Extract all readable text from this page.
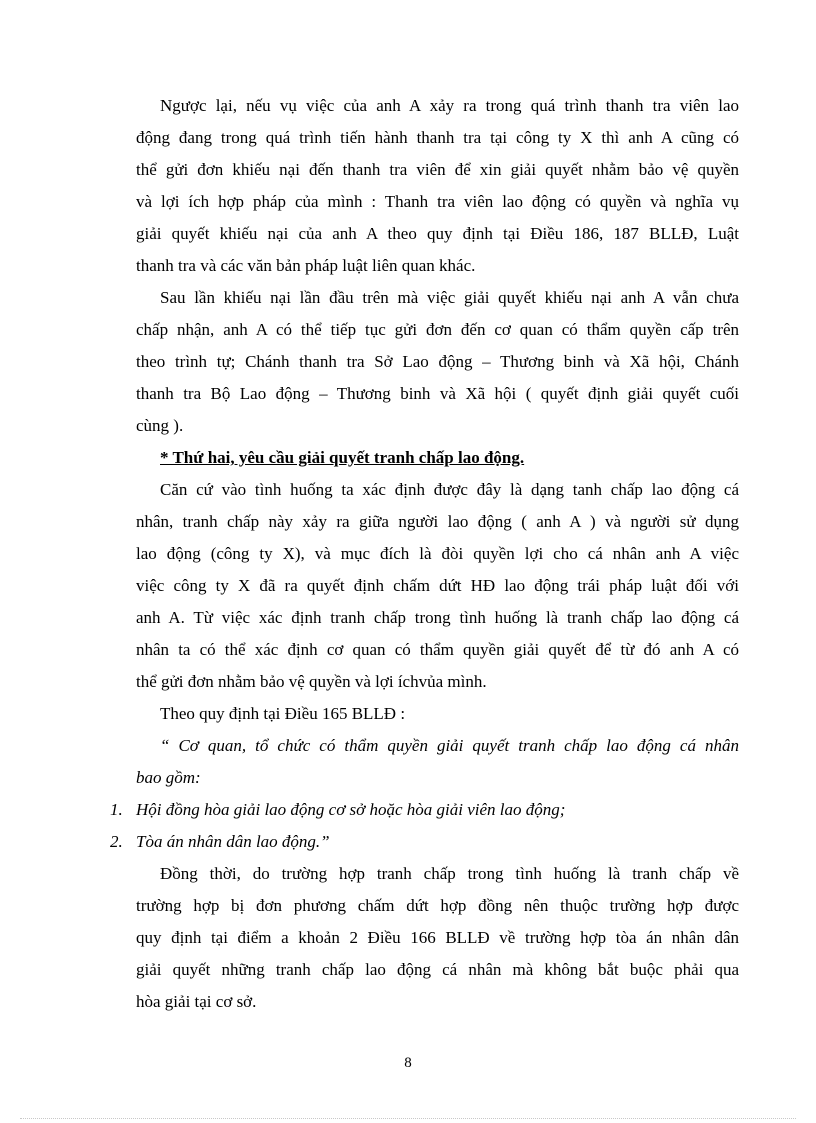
Ngược lại, nếu vụ việc của anh A xảy ra trong quá trình thanh tra viên lao
động đang trong quá trình tiến hành thanh tra tại công ty X thì anh A cũng có
thể gửi đơn khiếu nại đến thanh tra viên để xin giải quyết nhằm bảo vệ quyền
và lợi ích hợp pháp của mình : Thanh tra viên lao động có quyền và nghĩa vụ
giải quyết khiếu nại của anh A theo quy định tại Điều 186, 187 BLLĐ, Luật
thanh tra và các văn bản pháp luật liên quan khác.
Sau lần khiếu nại lần đầu trên mà việc giải quyết khiếu nại anh A vẫn chưa
chấp nhận, anh A có thể tiếp tục gửi đơn đến cơ quan có thẩm quyền cấp trên
theo trình tự; Chánh thanh tra Sở Lao động – Thương binh và Xã hội, Chánh
thanh tra Bộ Lao động – Thương binh và Xã hội ( quyết định giải quyết cuối
cùng ).
* Thứ hai, yêu cầu giải quyết tranh chấp lao động.
Căn cứ vào tình huống ta xác định được đây là dạng tanh chấp lao động cá
nhân, tranh chấp này xảy ra giữa người lao động ( anh A ) và người sử dụng
lao động (công ty X), và mục đích là đòi quyền lợi cho cá nhân anh A việc
việc công ty X đã ra quyết định chấm dứt HĐ lao động trái pháp luật đối với
anh A. Từ việc xác định tranh chấp trong tình huống là tranh chấp lao động cá
nhân ta có thể xác định cơ quan có thẩm quyền giải quyết để từ đó anh A có
thể gửi đơn nhằm bảo vệ quyền và lợi íchvủa mình.
Theo quy định tại Điều 165 BLLĐ :
“ Cơ quan, tổ chức có thẩm quyền giải quyết tranh chấp lao động cá nhân
bao gồm:
1. Hội đồng hòa giải lao động cơ sở hoặc hòa giải viên lao động;
2. Tòa án nhân dân lao động.”
Đồng thời, do trường hợp tranh chấp trong tình huống là tranh chấp về
trường hợp bị đơn phương chấm dứt hợp đồng nên thuộc trường hợp được
quy định tại điểm a khoản 2 Điều 166 BLLĐ về trường hợp tòa án nhân dân
giải quyết những tranh chấp lao động cá nhân mà không bắt buộc phải qua
hòa giải tại cơ sở.
8
